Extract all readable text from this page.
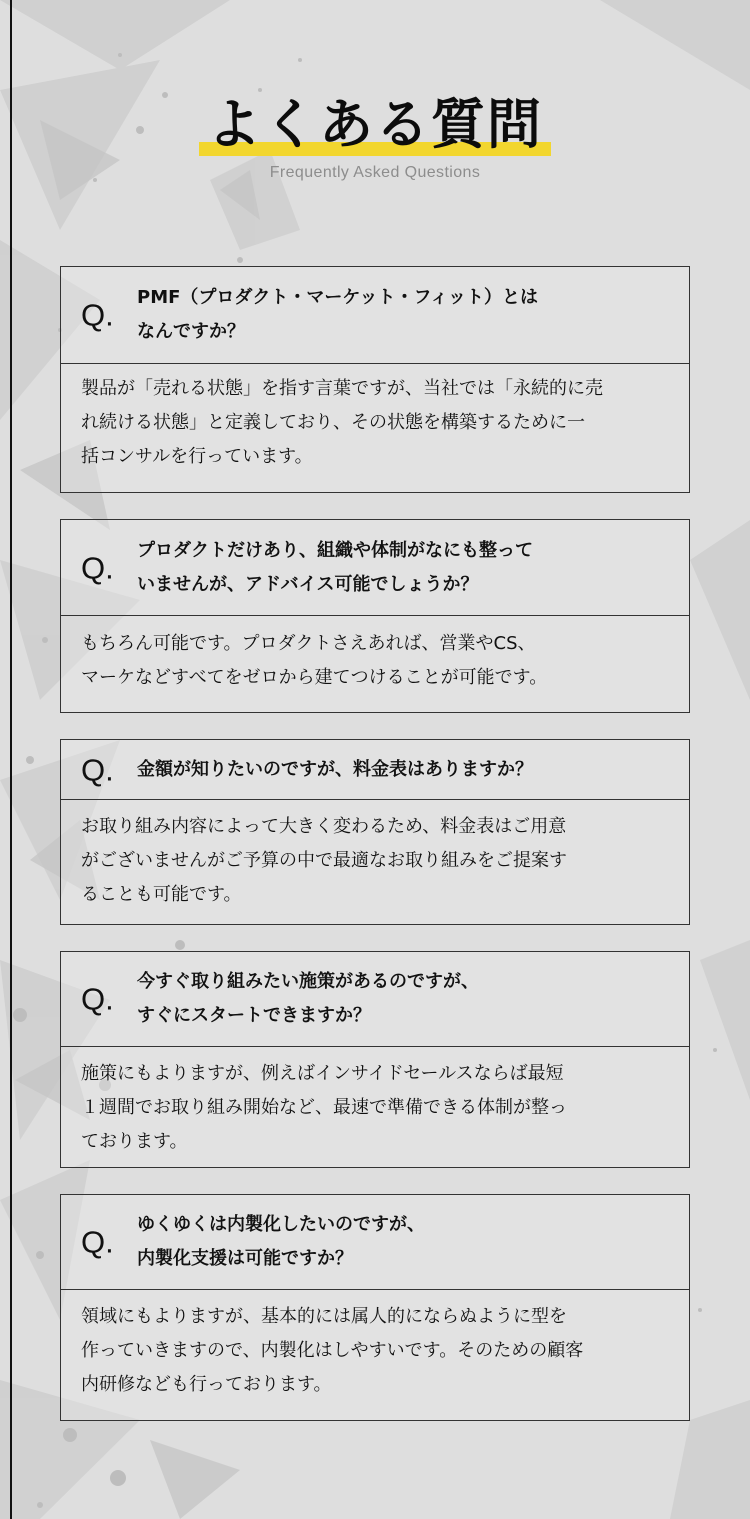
よくある質問
Frequently Asked Questions
Q. PMF（プロダクト・マーケット・フィット）とは
なんですか？
製品が「売れる状態」を指す言葉ですが、当社では「永続的に売
れ続ける状態」と定義しており、その状態を構築するために一
括コンサルを行っています。
Q. プロダクトだけあり、組織や体制がなにも整って
いませんが、アドバイス可能でしょうか？
もちろん可能です。プロダクトさえあれば、営業やCS、
マーケなどすべてをゼロから建てつけることが可能です。
Q. 金額が知りたいのですが、料金表はありますか？
お取り組み内容によって大きく変わるため、料金表はご用意
がございませんがご予算の中で最適なお取り組みをご提案す
ることも可能です。
Q. 今すぐ取り組みたい施策があるのですが、
すぐにスタートできますか？
施策にもよりますが、例えばインサイドセールスならば最短
１週間でお取り組み開始など、最速で準備できる体制が整っ
ております。
Q. ゆくゆくは内製化したいのですが、
内製化支援は可能ですか？
領域にもよりますが、基本的には属人的にならぬように型を
作っていきますので、内製化はしやすいです。そのための顧客
内研修なども行っております。
